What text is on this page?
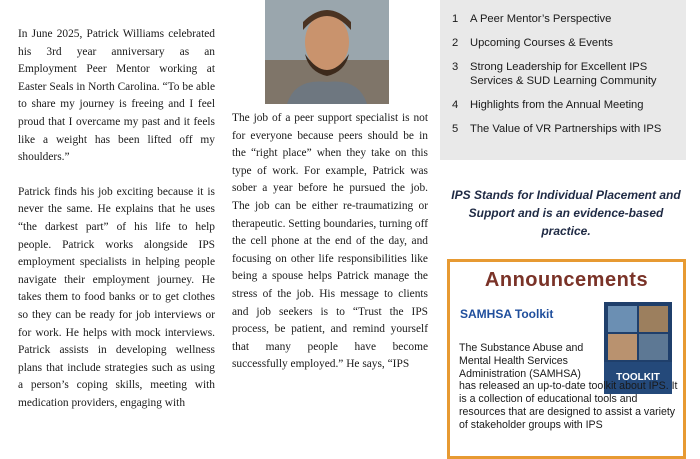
In June 2025, Patrick Williams celebrated his 3rd year anniversary as an Employment Peer Mentor working at Easter Seals in North Carolina. “To be able to share my journey is freeing and I feel proud that I overcame my past and it feels like a weight has been lifted off my shoulders.”

Patrick finds his job exciting because it is never the same. He explains that he uses “the darkest part” of his life to help people. Patrick works alongside IPS employment specialists in helping people navigate their employment journey. He takes them to food banks or to get clothes so they can be ready for job interviews or for work. He helps with mock interviews. Patrick assists in developing wellness plans that include strategies such as using a person’s coping skills, meeting with medication providers, engaging with

The job of a peer support specialist is not for everyone because peers should be in the “right place” when they take on this type of work. For example, Patrick was sober a year before he pursued the job. The job can be either re-traumatizing or therapeutic. Setting boundaries, turning off the cell phone at the end of the day, and focusing on other life responsibilities like being a spouse helps Patrick manage the stress of the job. His message to clients and job seekers is to “Trust the IPS process, be patient, and remind yourself that many people have become successfully employed.” He says, “IPS

1	A Peer Mentor’s Perspective
2	Upcoming Courses & Events
3	Strong Leadership for Excellent IPS Services & SUD Learning Community
4	Highlights from the Annual Meeting
5	The Value of VR Partnerships with IPS
IPS Stands for Individual Placement and Support and is an evidence-based practice.
Announcements
SAMHSA Toolkit
TOOLKIT
The Substance Abuse and Mental Health Services Administration (SAMHSA)
has released an up-to-date toolkit about IPS. It is a collection of educational tools and resources that are designed to assist a variety of stakeholder groups with IPS
